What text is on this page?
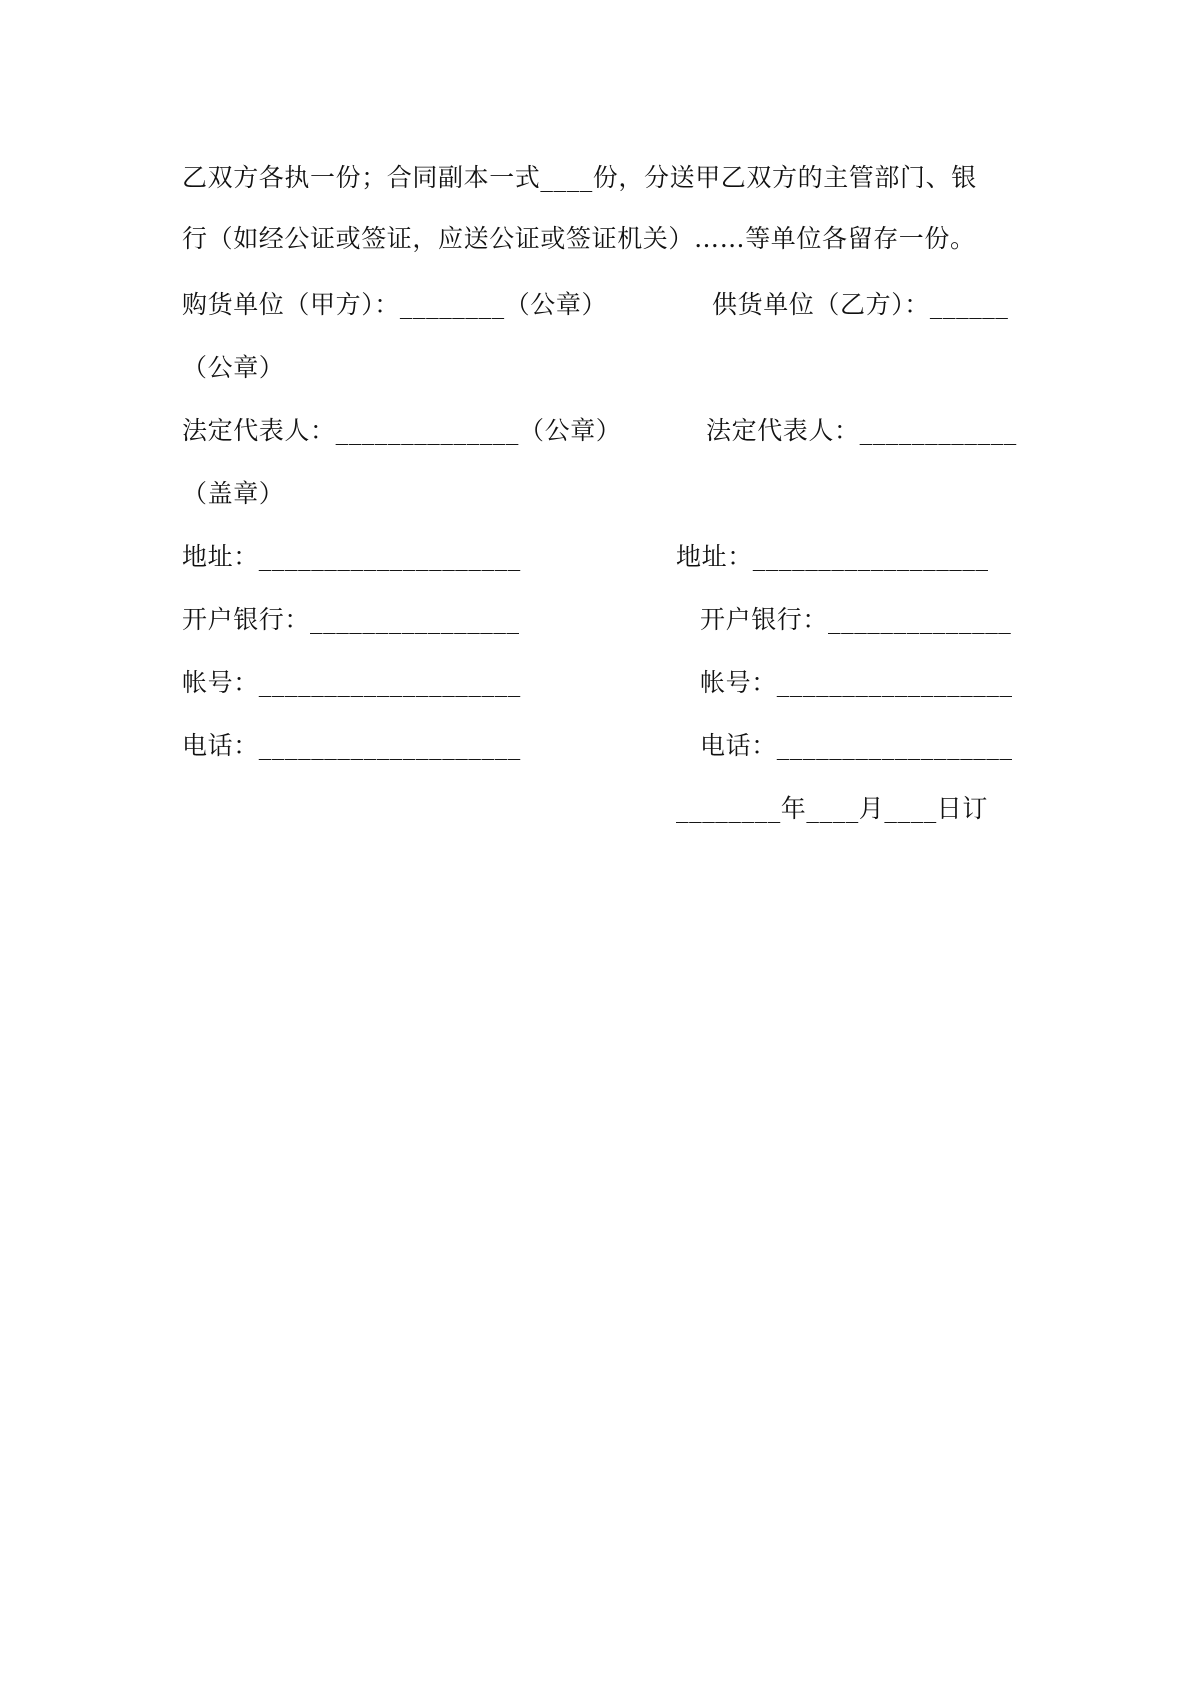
乙双方各执一份；合同副本一式____份，分送甲乙双方的主管部门、银
行（如经公证或签证，应送公证或签证机关）……等单位各留存一份。
购货单位（甲方）：________（公章）	供货单位（乙方）：______
（公章）
法定代表人：______________（公章）	法定代表人：____________
（盖章）
地址：____________________	地址：__________________
开户银行：________________	开户银行：______________
帐号：____________________	帐号：__________________
电话：____________________	电话：__________________
________年____月____日订
